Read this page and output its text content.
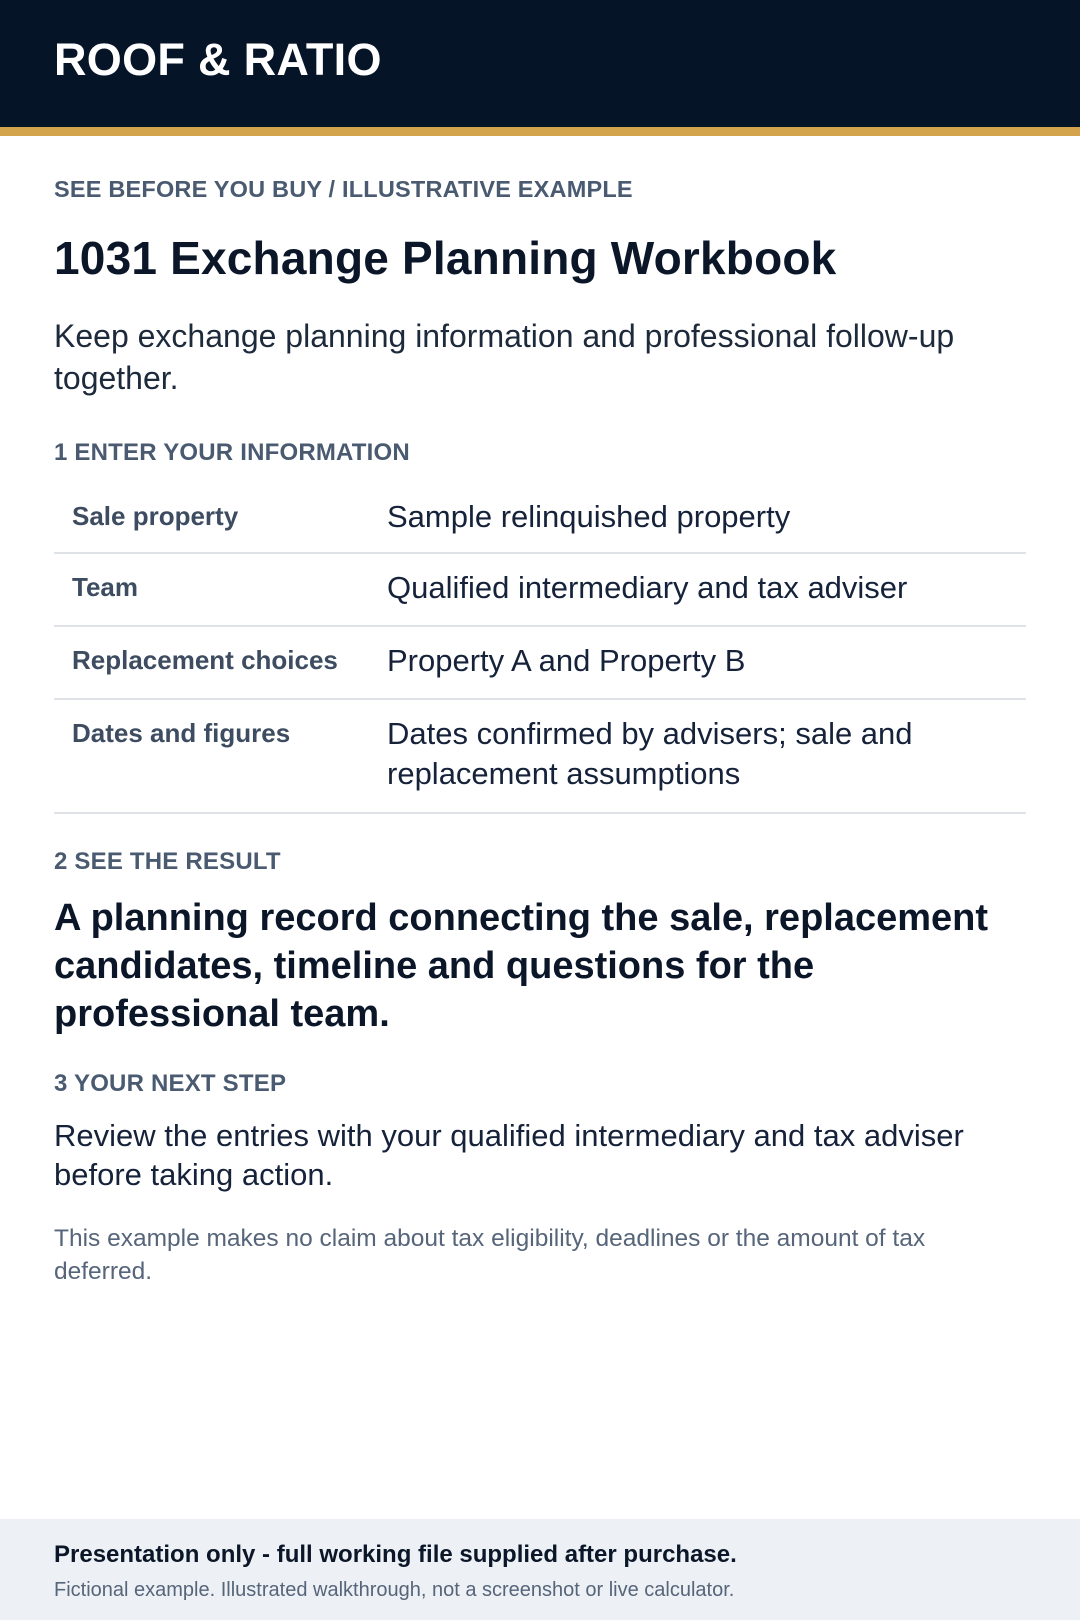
ROOF & RATIO
SEE BEFORE YOU BUY / ILLUSTRATIVE EXAMPLE
1031 Exchange Planning Workbook

Keep exchange planning information and professional follow-up together.

1 ENTER YOUR INFORMATION
Sale property	Sample relinquished property
Team	Qualified intermediary and tax adviser
Replacement choices	Property A and Property B
Dates and figures	Dates confirmed by advisers; sale and replacement assumptions
2 SEE THE RESULT
A planning record connecting the sale, replacement candidates, timeline and questions for the professional team.
3 YOUR NEXT STEP

Review the entries with your qualified intermediary and tax adviser before taking action.

This example makes no claim about tax eligibility, deadlines or the amount of tax deferred.

Presentation only - full working file supplied after purchase.
Fictional example. Illustrated walkthrough, not a screenshot or live calculator.
